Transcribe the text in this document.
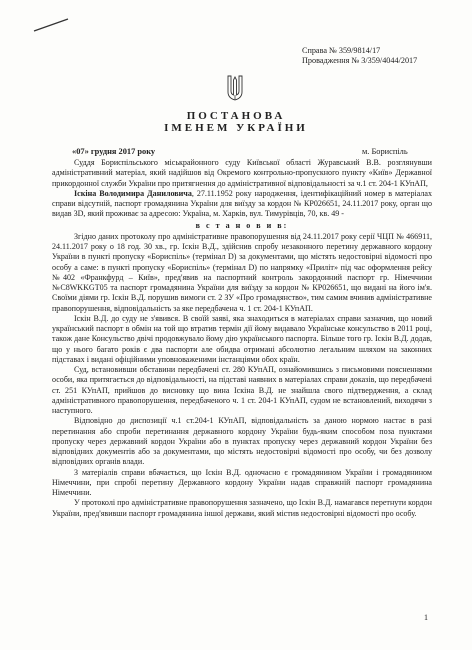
Справа № 359/9814/17
Провадження № 3/359/4044/2017
ПОСТАНОВА
ІМЕНЕМ УКРАЇНИ
«07» грудня 2017 року	м. Бориспіль

Суддя Бориспільського міськрайонного суду Київської області Журавський В.В. розглянувши адміністративний матеріал, який надійшов від Окремого контрольно-пропускного пункту «Київ» Державної прикордонної служби України про притягнення до адміністративної відповідальності за ч.1 ст. 204-1 КУпАП,

Іскіна Володимира Даниловича, 27.11.1952 року народження, ідентифікаційний номер в матеріалах справи відсутній, паспорт громадянина України для виїзду за кордон № КР026651, 24.11.2017 року, орган що видав 3D, який проживає за адресою: Україна, м. Харків, вул. Тимурівців, 70, кв. 49 -

в с т а н о в и в:

Згідно даних протоколу про адміністративне правопорушення від 24.11.2017 року серії ЧЦП № 466911, 24.11.2017 року о 18 год. 30 хв., гр. Іскін В.Д., здійснив спробу незаконного перетину державного кордону України в пункті пропуску «Бориспіль» (термінал D) за документами, що містять недостовірні відомості про особу а саме: в пункті пропуску «Бориспіль» (термінал D) по напрямку «Приліт» під час оформлення рейсу №402 «Франкфурд – Київ», пред'явив на паспортний контроль закордонний паспорт гр. Німеччини №C8WKKGT05 та паспорт громадянина України для виїзду за кордон № КР026651, що видані на його ім'я. Своїми діями гр. Іскін В.Д. порушив вимоги ст. 2 ЗУ «Про громадянство», тим самим вчинив адміністративне правопорушення, відповідальність за яке передбачена ч. 1 ст. 204-1 КУпАП.

Іскін В.Д. до суду не з'явився. В своїй заяві, яка знаходиться в матеріалах справи зазначив, що новий український паспорт в обмін на той що втратив термін дії йому видавало Українське консульство в 2011 році, також дане Консульство двічі продовжувало йому дію українського паспорта. Більше того гр. Іскін В.Д. додав, що у нього багато років є два паспорти але обидва отримані абсолютно легальним шляхом на законних підставах і видані офіційними уповноваженими інстанціями обох країн.

Суд, встановивши обставини передбачені ст. 280 КУпАП, ознайомившись з письмовими поясненнями особи, яка притягається до відповідальності, на підставі наявних в матеріалах справи доказів, що передбачені ст. 251 КУпАП, прийшов до висновку що вина Іскіна В.Д. не знайшла свого підтвердження, а склад адміністративного правопорушення, передбаченого ч. 1 ст. 204-1 КУпАП, судом не встановлений, виходячи з наступного.

Відповідно до диспозиції ч.1 ст.204-1 КУпАП, відповідальність за даною нормою настає в разі перетинання або спроби перетинання державного кордону України будь-яким способом поза пунктами пропуску через державний кордон України або в пунктах пропуску через державний кордон України без відповідних документів або за документами, що містять недостовірні відомості про особу, чи без дозволу відповідних органів влади.

З матеріалів справи вбачається, що Іскін В.Д. одночасно є громадянином України і громадянином Німеччини, при спробі перетину Державного кордону України надав справжній паспорт громадянина Німеччини.

У протоколі про адміністративне правопорушення зазначено, що Іскін В.Д. намагався перетнути кордон України, пред'явивши паспорт громадянина іншої держави, який містив недостовірні відомості про особу.

1
